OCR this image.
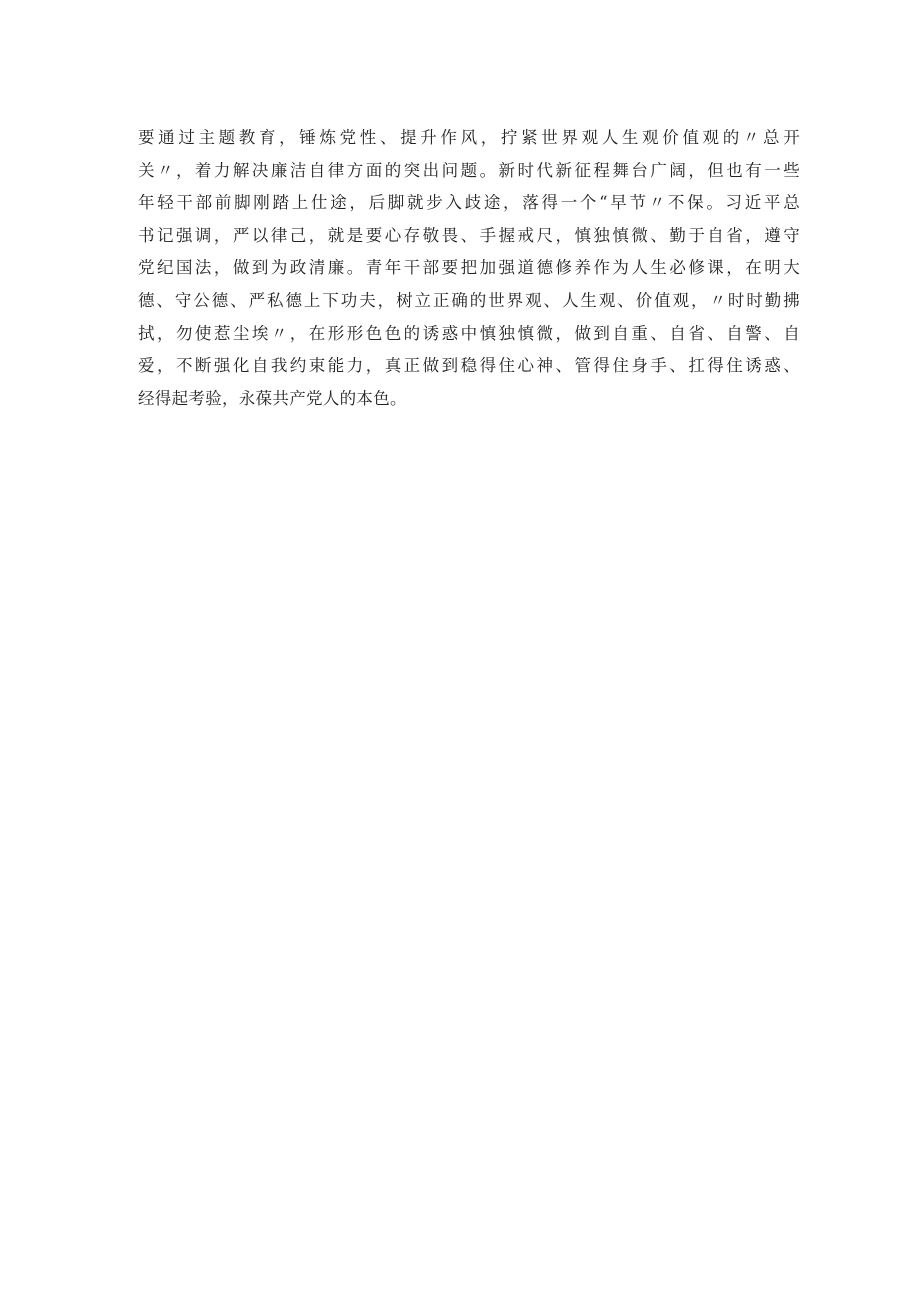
要通过主题教育，锤炼党性、提升作风，拧紧世界观人生观价值观的〃总开
关〃，着力解决廉洁自律方面的突出问题。新时代新征程舞台广阔，但也有一些
年轻干部前脚刚踏上仕途，后脚就步入歧途，落得一个“早节〃不保。习近平总
书记强调，严以律己，就是要心存敬畏、手握戒尺，慎独慎微、勤于自省，遵守
党纪国法，做到为政清廉。青年干部要把加强道德修养作为人生必修课，在明大
德、守公德、严私德上下功夫，树立正确的世界观、人生观、价值观，〃时时勤拂
拭，勿使惹尘埃〃，在形形色色的诱惑中慎独慎微，做到自重、自省、自警、自
爱，不断强化自我约束能力，真正做到稳得住心神、管得住身手、扛得住诱惑、
经得起考验，永葆共产党人的本色。
